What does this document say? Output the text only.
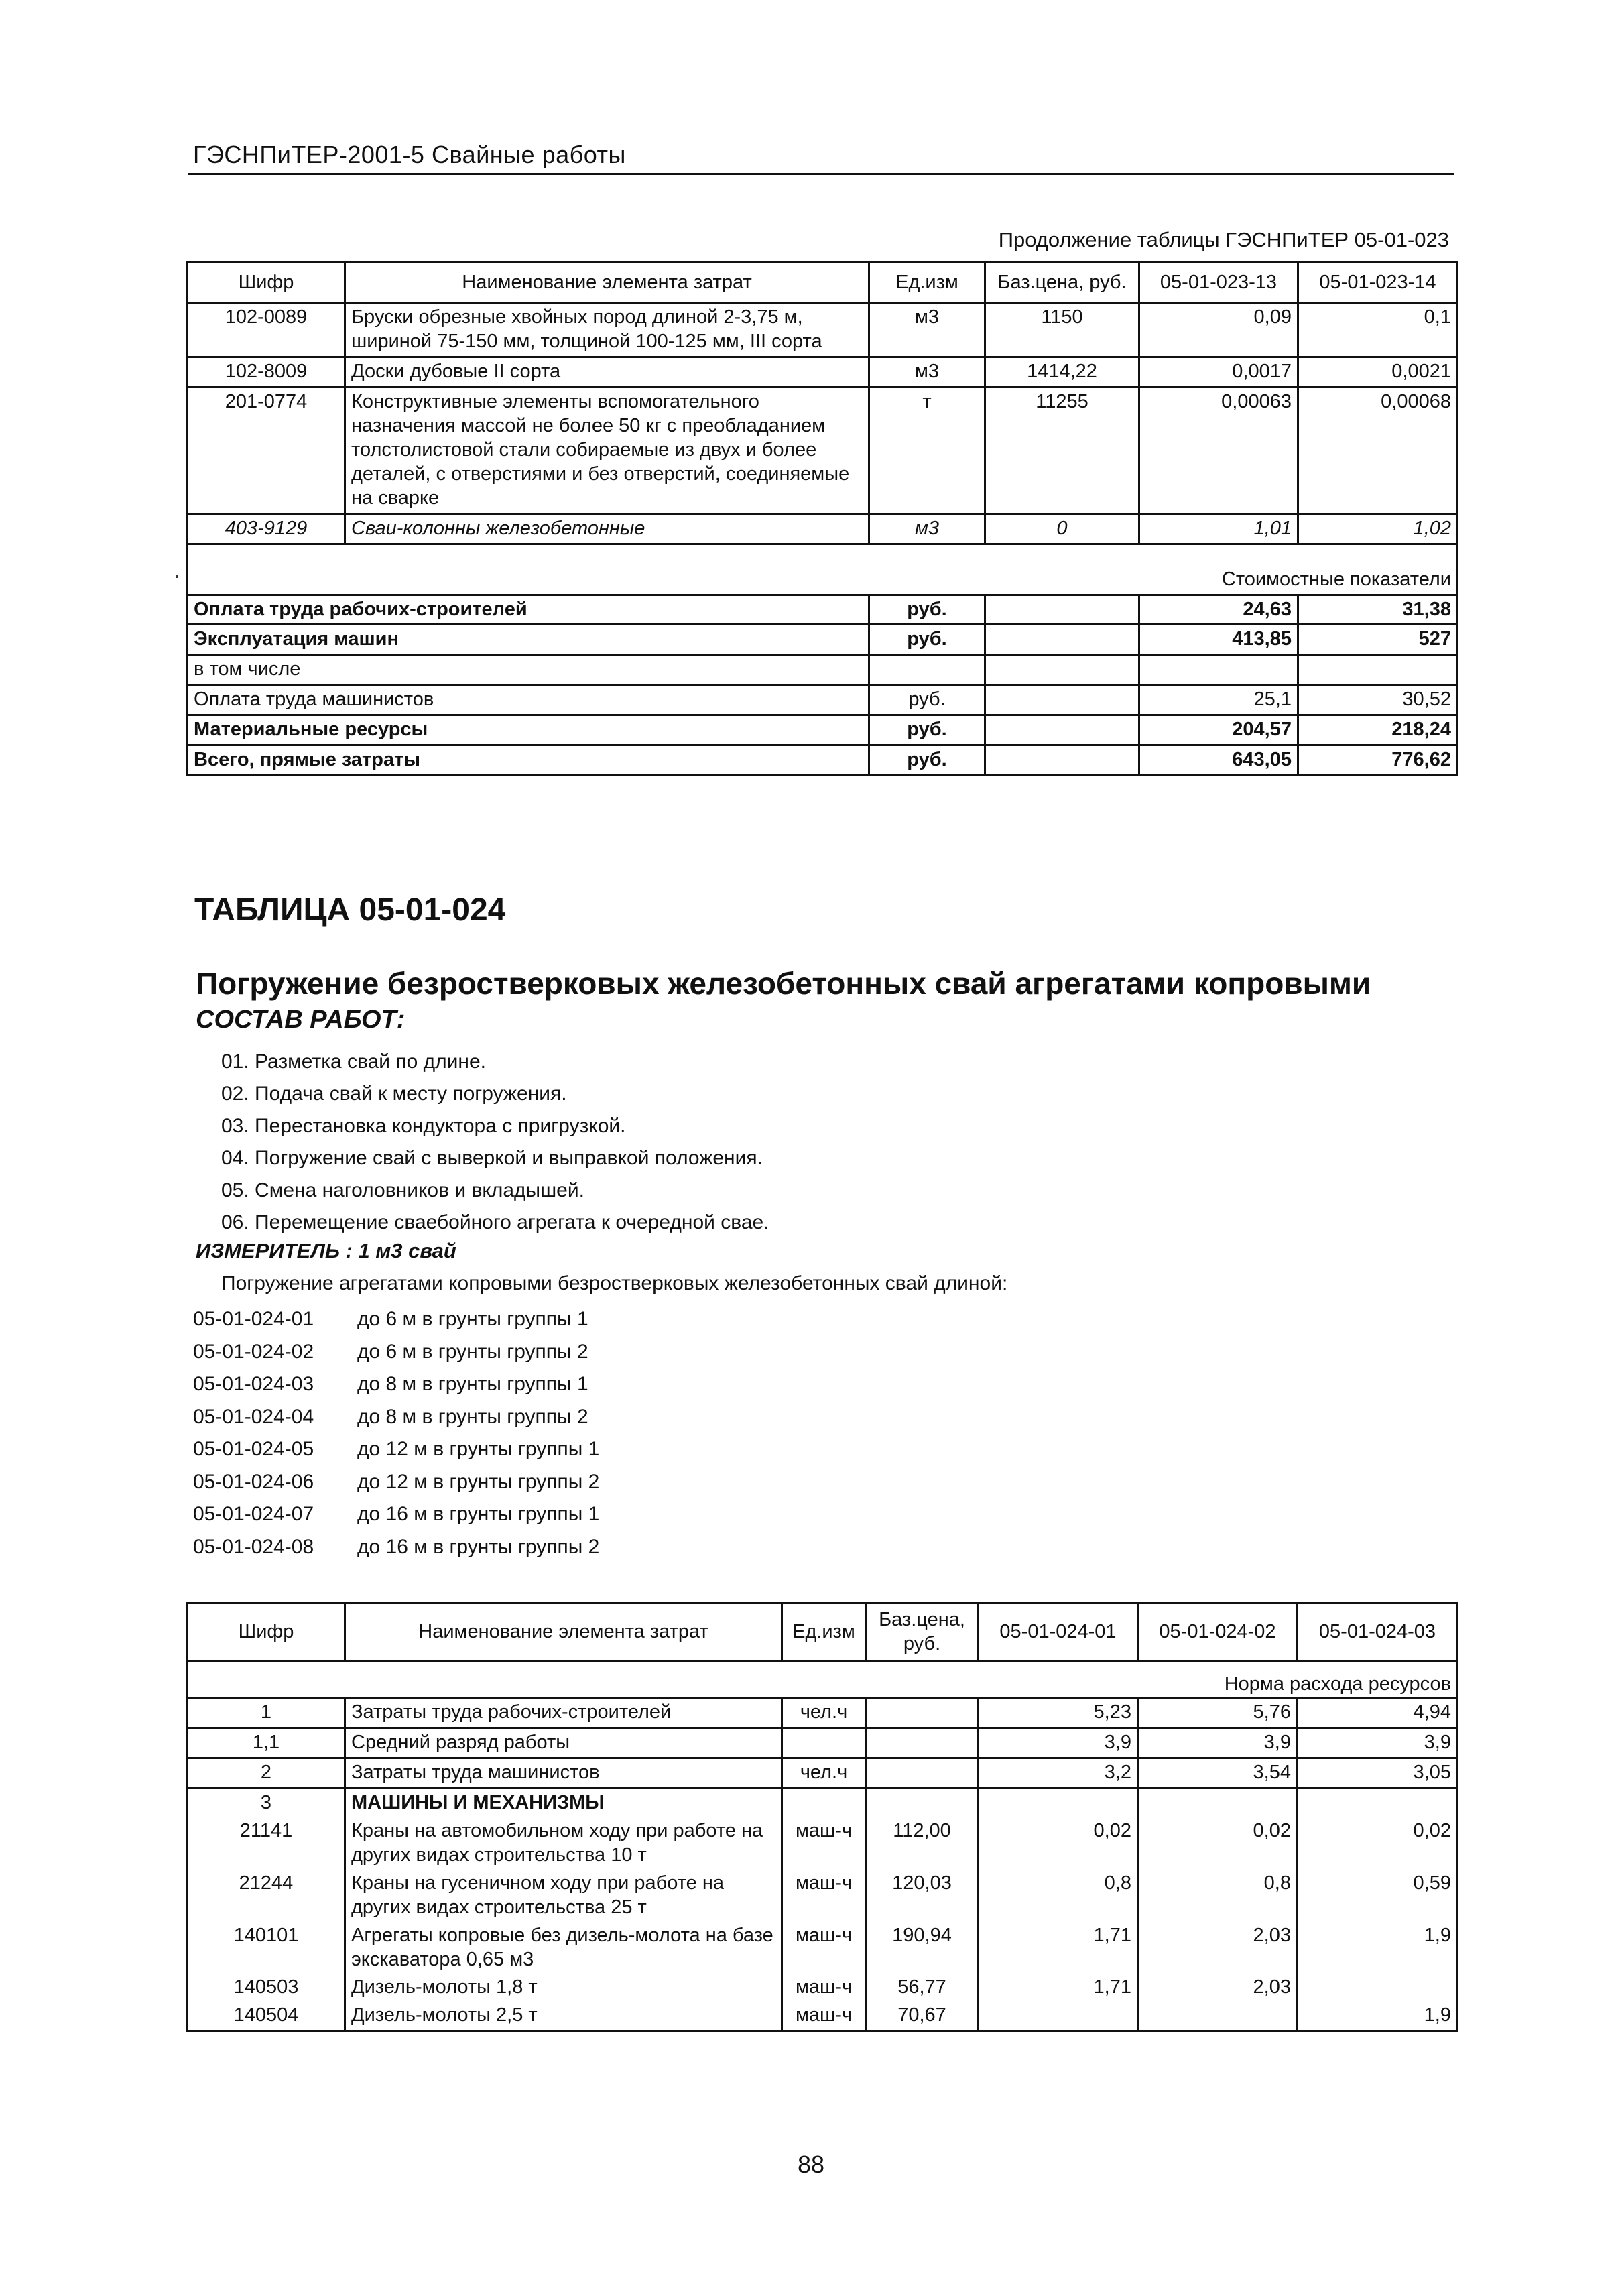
ГЭСНПиТЕР-2001-5 Свайные работы
Продолжение таблицы ГЭСНПиТЕР 05-01-023
Шифр	Наименование элемента затрат	Ед.изм	Баз.цена, руб.	05-01-023-13	05-01-023-14
102-0089	Бруски обрезные хвойных пород длиной 2-3,75 м, шириной 75-150 мм, толщиной 100-125 мм, III сорта	м3	1150	0,09	0,1
102-8009	Доски дубовые II сорта	м3	1414,22	0,0017	0,0021
201-0774	Конструктивные элементы вспомогательного назначения массой не более 50 кг с преобладанием толстолистовой стали собираемые из двух и более деталей, с отверстиями и без отверстий, соединяемые на сварке	т	11255	0,00063	0,00068
403-9129	Сваи-колонны железобетонные	м3	0	1,01	1,02
Стоимостные показатели					
Оплата труда рабочих-строителей		руб.		24,63	31,38
Эксплуатация машин		руб.		413,85	527
в том числе					
Оплата труда машинистов		руб.		25,1	30,52
Материальные ресурсы		руб.		204,57	218,24
Всего, прямые затраты		руб.		643,05	776,62
ТАБЛИЦА 05-01-024
Погружение безростверковых железобетонных свай агрегатами копровыми
СОСТАВ РАБОТ:
01. Разметка свай по длине.
02. Подача свай к месту погружения.
03. Перестановка кондуктора с пригрузкой.
04. Погружение свай с выверкой и выправкой положения.
05. Смена наголовников и вкладышей.
06. Перемещение сваебойного агрегата к очередной свае.
ИЗМЕРИТЕЛЬ : 1 м3 свай
Погружение агрегатами копровыми безростверковых железобетонных свай длиной:
05-01-024-01 до 6 м в грунты группы 1
05-01-024-02 до 6 м в грунты группы 2
05-01-024-03 до 8 м в грунты группы 1
05-01-024-04 до 8 м в грунты группы 2
05-01-024-05 до 12 м в грунты группы 1
05-01-024-06 до 12 м в грунты группы 2
05-01-024-07 до 16 м в грунты группы 1
05-01-024-08 до 16 м в грунты группы 2
Шифр	Наименование элемента затрат	Ед.изм	Баз.цена, руб.	05-01-024-01	05-01-024-02	05-01-024-03
Норма расхода ресурсов						
1	Затраты труда рабочих-строителей	чел.ч		5,23	5,76	4,94
1,1	Средний разряд работы			3,9	3,9	3,9
2	Затраты труда машинистов	чел.ч		3,2	3,54	3,05
3	МАШИНЫ И МЕХАНИЗМЫ					
21141	Краны на автомобильном ходу при работе на других видах строительства 10 т	маш-ч	112,00	0,02	0,02	0,02
21244	Краны на гусеничном ходу при работе на других видах строительства 25 т	маш-ч	120,03	0,8	0,8	0,59
140101	Агрегаты копровые без дизель-молота на базе экскаватора 0,65 м3	маш-ч	190,94	1,71	2,03	1,9
140503	Дизель-молоты 1,8 т	маш-ч	56,77	1,71	2,03	
140504	Дизель-молоты 2,5 т	маш-ч	70,67			1,9
88
